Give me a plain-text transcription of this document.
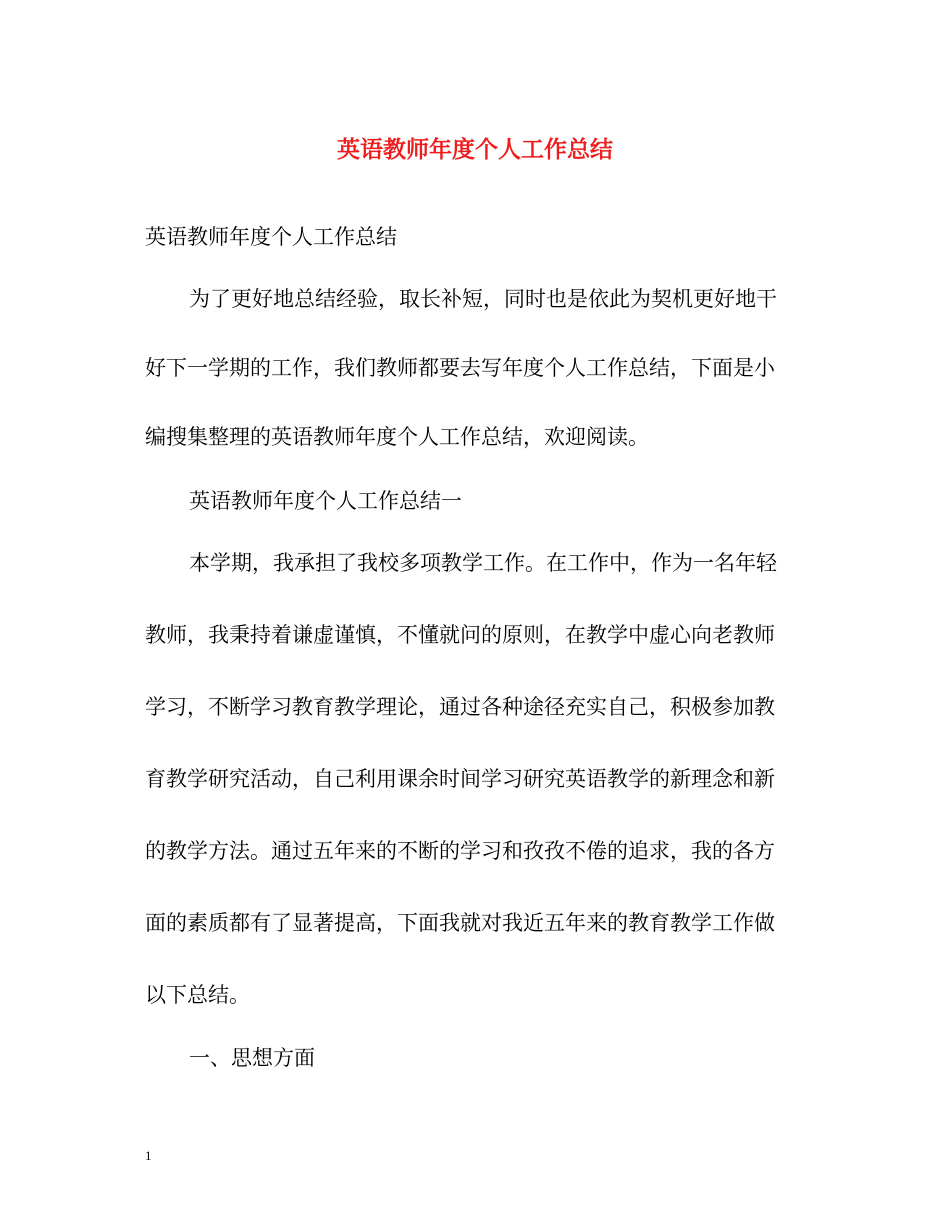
英语教师年度个人工作总结
英语教师年度个人工作总结
为了更好地总结经验，取长补短，同时也是依此为契机更好地干
好下一学期的工作，我们教师都要去写年度个人工作总结，下面是小
编搜集整理的英语教师年度个人工作总结，欢迎阅读。
英语教师年度个人工作总结一
本学期，我承担了我校多项教学工作。在工作中，作为一名年轻
教师，我秉持着谦虚谨慎，不懂就问的原则，在教学中虚心向老教师
学习，不断学习教育教学理论，通过各种途径充实自己，积极参加教
育教学研究活动，自己利用课余时间学习研究英语教学的新理念和新
的教学方法。通过五年来的不断的学习和孜孜不倦的追求，我的各方
面的素质都有了显著提高，下面我就对我近五年来的教育教学工作做
以下总结。
一、思想方面
1
